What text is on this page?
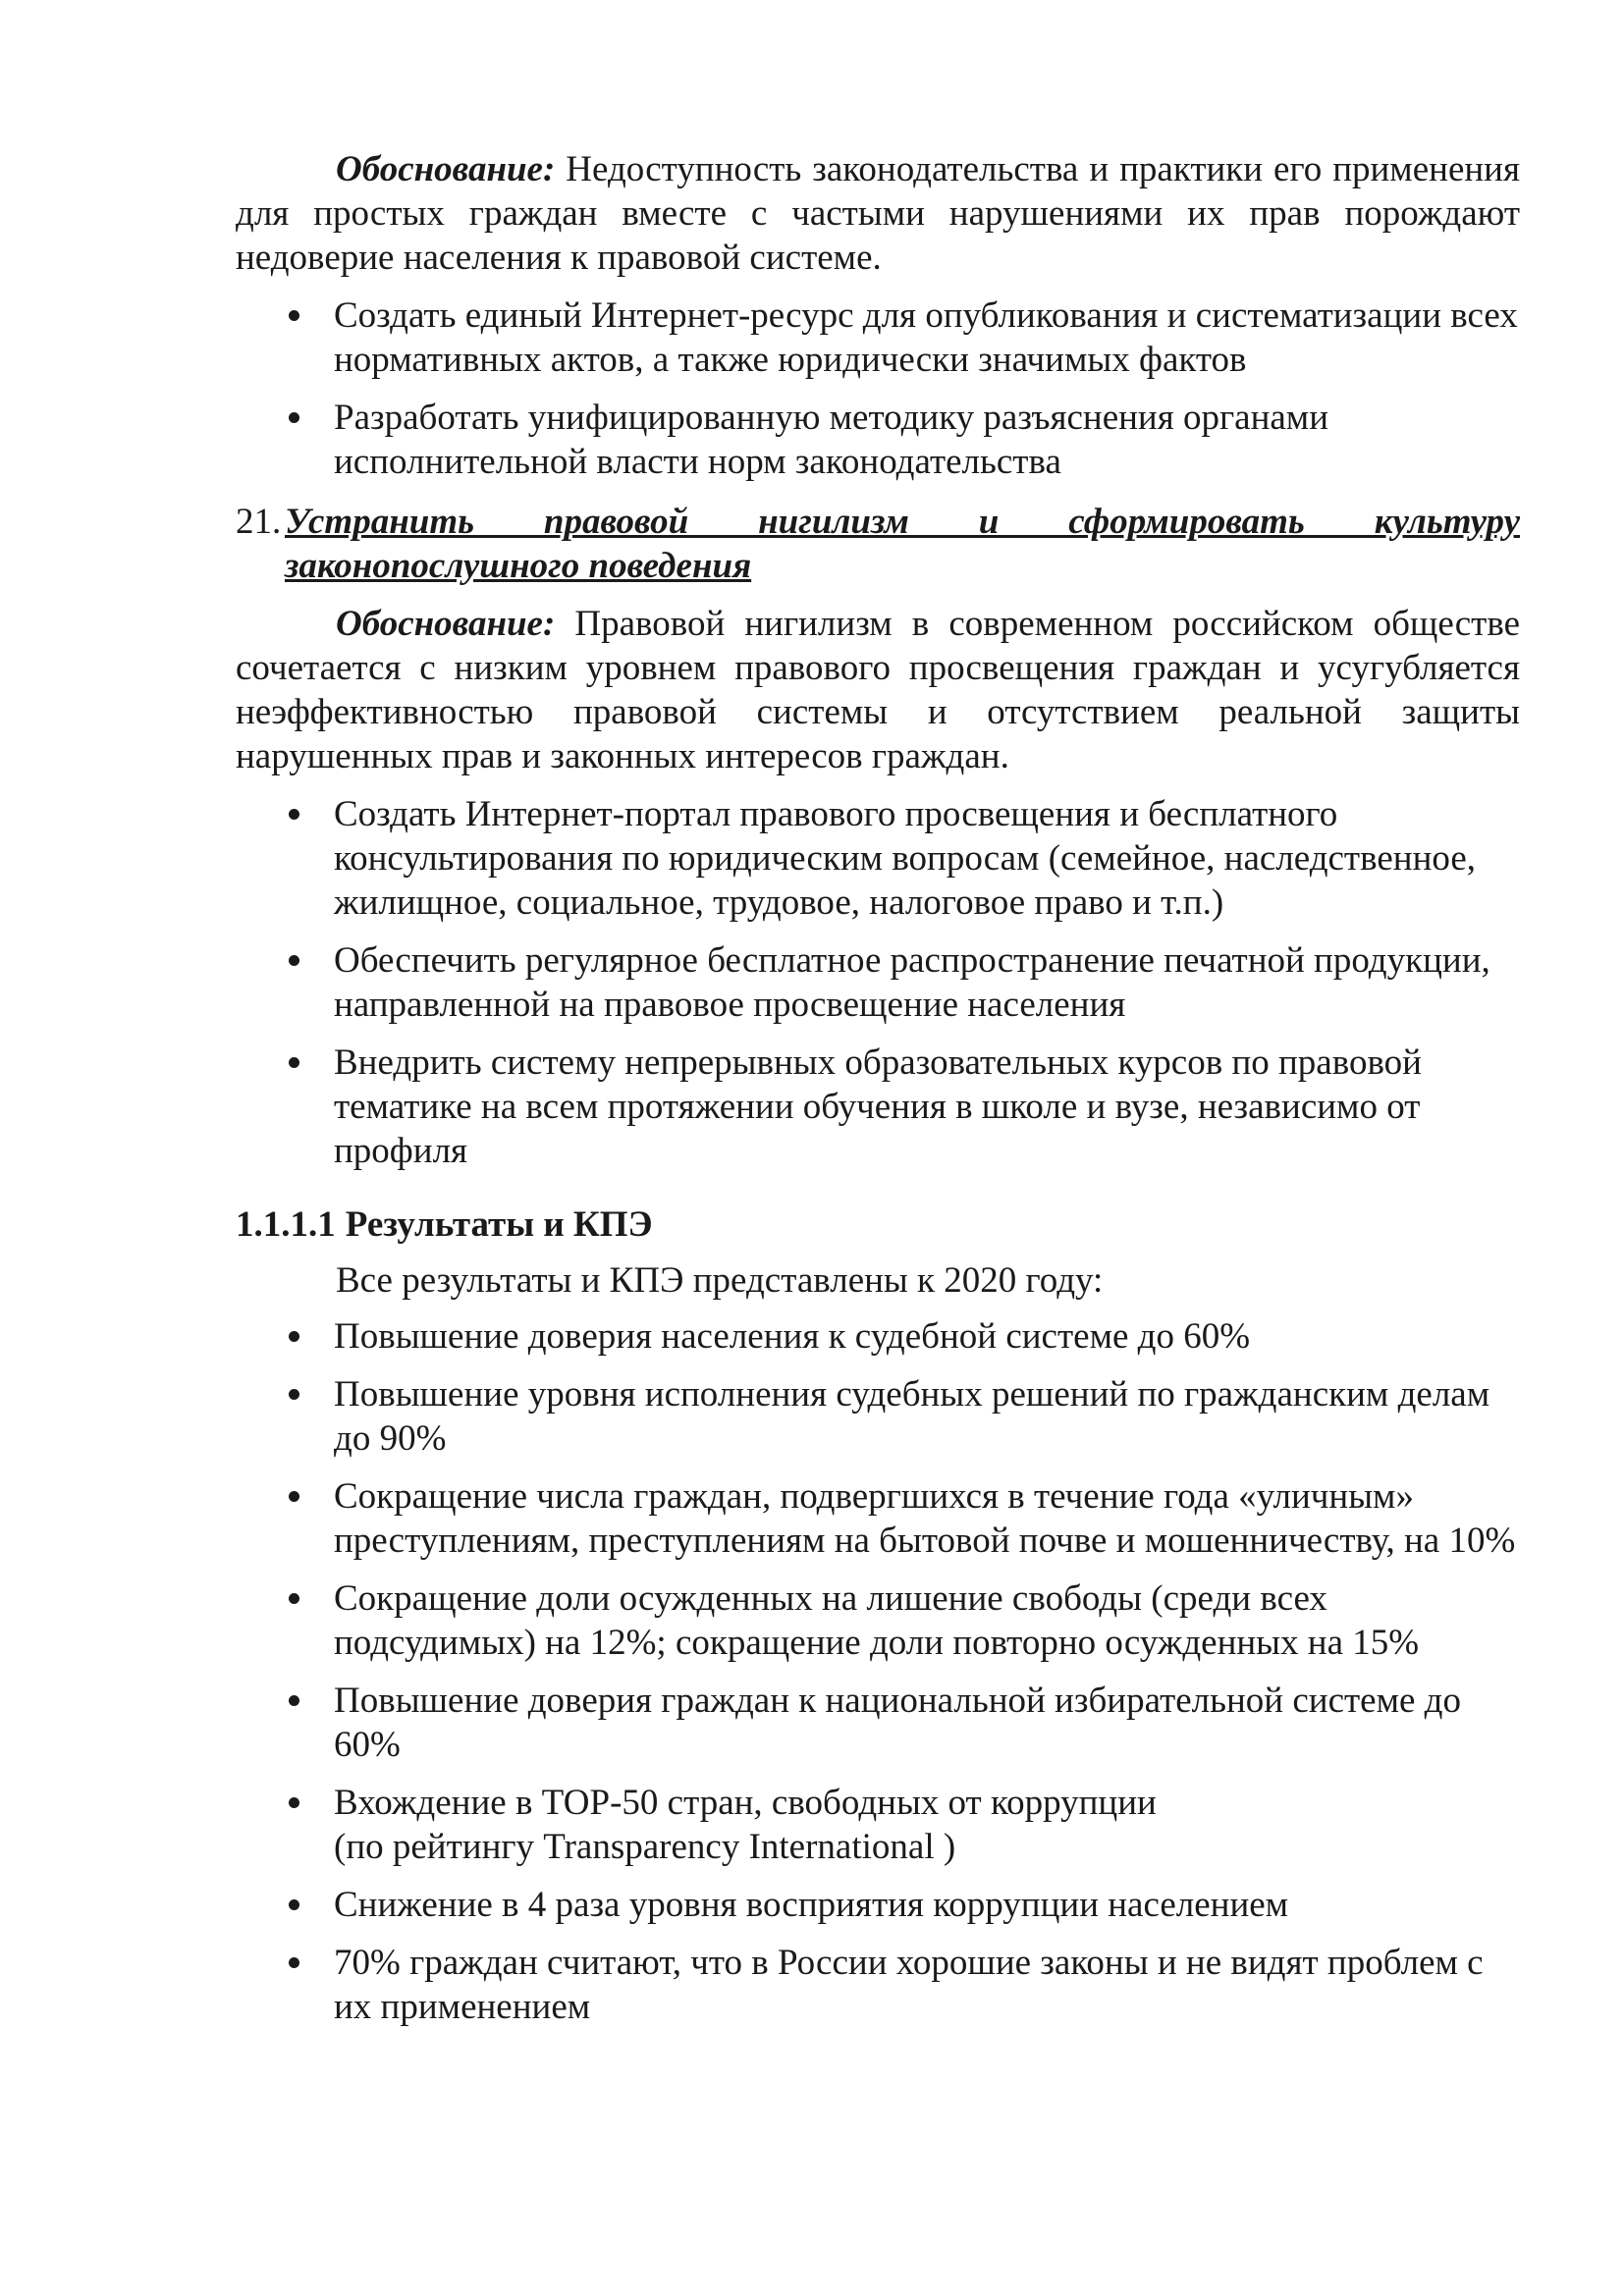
Обоснование: Недоступность законодательства и практики его применения для простых граждан вместе с частыми нарушениями их прав порождают недоверие населения к правовой системе.

Создать единый Интернет-ресурс для опубликования и систематизации всех нормативных актов, а также юридически значимых фактов
Разработать унифицированную методику разъяснения органами исполнительной власти норм законодательства
21. Устранить правовой нигилизм и сформировать культуру законопослушного поведения

Обоснование: Правовой нигилизм в современном российском обществе сочетается с низким уровнем правового просвещения граждан и усугубляется неэффективностью правовой системы и отсутствием реальной защиты нарушенных прав и законных интересов граждан.

Создать Интернет-портал правового просвещения и бесплатного консультирования по юридическим вопросам (семейное, наследственное, жилищное, социальное, трудовое, налоговое право и т.п.)
Обеспечить регулярное бесплатное распространение печатной продукции, направленной на правовое просвещение населения
Внедрить систему непрерывных образовательных курсов по правовой тематике на всем протяжении обучения в школе и вузе, независимо от профиля
1.1.1.1 Результаты и КПЭ

Все результаты и КПЭ представлены к 2020 году:

Повышение доверия населения к судебной системе до 60%
Повышение уровня исполнения судебных решений по гражданским делам до 90%
Сокращение числа граждан, подвергшихся в течение года «уличным» преступлениям, преступлениям на бытовой почве и мошенничеству, на 10%
Сокращение доли осужденных на лишение свободы (среди всех подсудимых) на 12%; сокращение доли повторно осужденных на 15%
Повышение доверия граждан к национальной избирательной системе до 60%
Вхождение в ТОР-50 стран, свободных от коррупции
(по рейтингу Transparency International )
Снижение в 4 раза уровня восприятия коррупции населением
70% граждан считают, что в России хорошие законы и не видят проблем с их применением
